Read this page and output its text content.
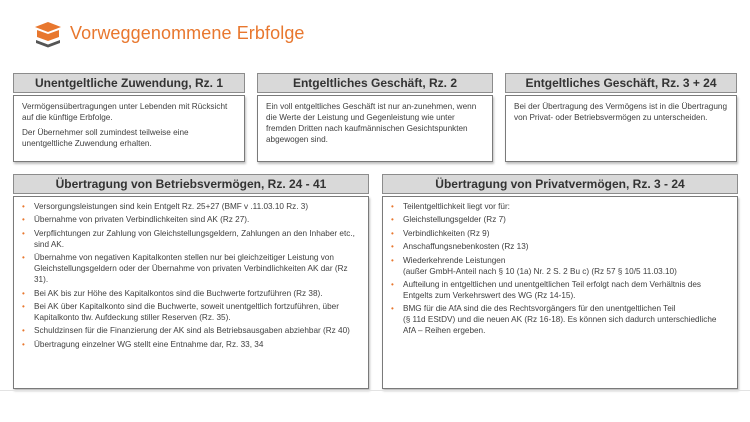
Vorweggenommene Erbfolge
Unentgeltliche Zuwendung, Rz. 1

Vermögensübertragungen unter Lebenden mit Rücksicht auf die künftige Erbfolge.

Der Übernehmer soll zumindest teilweise eine unentgeltliche Zuwendung erhalten.

Entgeltliches Geschäft, Rz. 2

Ein voll entgeltliches Geschäft ist nur an-zunehmen, wenn die Werte der Leistung und Gegenleistung wie unter fremden Dritten nach kaufmännischen Gesichtspunkten abgewogen sind.

Entgeltliches Geschäft, Rz. 3 + 24

Bei der Übertragung des Vermögens ist in die Übertragung von Privat- oder Betriebsvermögen zu unterscheiden.

Übertragung von Betriebsvermögen, Rz. 24 - 41
• Versorgungsleistungen sind kein Entgelt Rz. 25+27 (BMF v .11.03.10 Rz. 3)
• Übernahme von privaten Verbindlichkeiten sind AK (Rz 27).
• Verpflichtungen zur Zahlung von Gleichstellungsgeldern, Zahlungen an den Inhaber etc., sind AK.
• Übernahme von negativen Kapitalkonten stellen nur bei gleichzeitiger Leistung von Gleichstellungsgeldern oder der Übernahme von privaten Verbindlichkeiten AK dar (Rz 31).
• Bei AK bis zur Höhe des Kapitalkontos sind die Buchwerte fortzuführen (Rz 38).
• Bei AK über Kapitalkonto sind die Buchwerte, soweit unentgeltlich fortzuführen, über Kapitalkonto tlw. Aufdeckung stiller Reserven (Rz. 35).
• Schuldzinsen für die Finanzierung der AK sind als Betriebsausgaben abziehbar (Rz 40)
• Übertragung einzelner WG stellt eine Entnahme dar, Rz. 33, 34
Übertragung von Privatvermögen, Rz. 3 - 24
• Teilentgeltlichkeit liegt vor für:
• Gleichstellungsgelder (Rz 7)
• Verbindlichkeiten (Rz 9)
• Anschaffungsnebenkosten (Rz 13)
• Wiederkehrende Leistungen
(außer GmbH-Anteil nach § 10 (1a) Nr. 2 S. 2 Bu c) (Rz 57 § 10/5 11.03.10)
• Aufteilung in entgeltlichen und unentgeltlichen Teil erfolgt nach dem Verhältnis des Entgelts zum Verkehrswert des WG (Rz 14-15).
• BMG für die AfA sind die des Rechtsvorgängers für den unentgeltlichen Teil
(§ 11d EStDV) und die neuen AK (Rz 16-18). Es können sich dadurch unterschiedliche AfA – Reihen ergeben.
